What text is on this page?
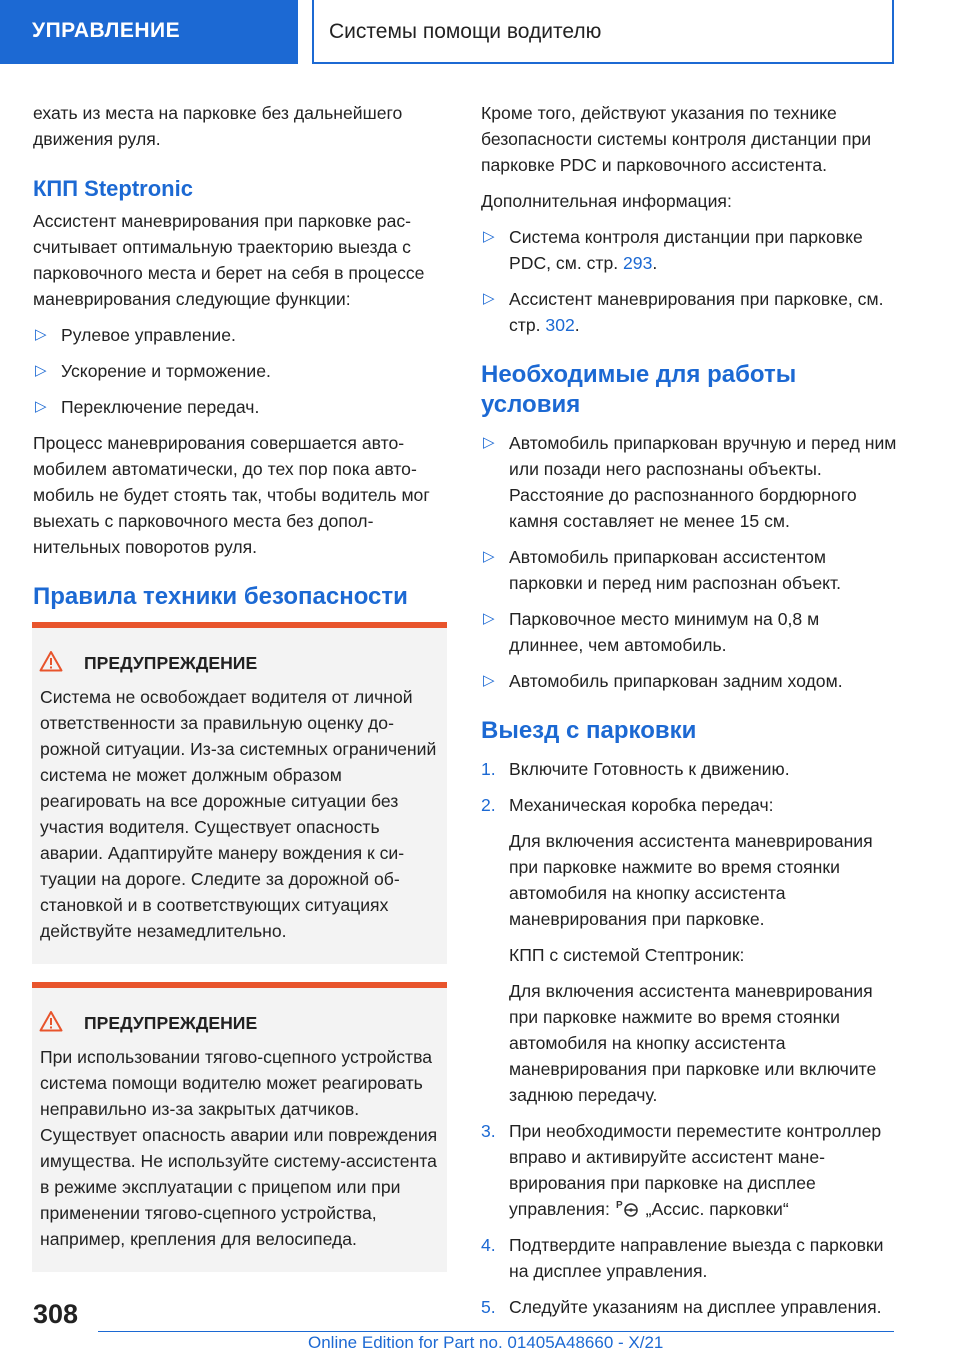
УПРАВЛЕНИЕ	Системы помощи водителю

ехать из места на парковке без дальнейшего движения руля.

КПП Steptronic

Ассистент маневрирования при парковке рассчитывает оптимальную траекторию выезда с парковочного места и берет на себя в процессе маневрирования следующие функции:

▷ Рулевое управление.
▷ Ускорение и торможение.
▷ Переключение передач.

Процесс маневрирования совершается автомобилем автоматически, до тех пор пока автомобиль не будет стоять так, чтобы водитель мог выехать с парковочного места без дополнительных поворотов руля.

Правила техники безопасности
ПРЕДУПРЕЖДЕНИЕ
Система не освобождает водителя от личной ответственности за правильную оценку дорожной ситуации. Из-за системных ограничений система не может должным образом реагировать на все дорожные ситуации без участия водителя. Существует опасность аварии. Адаптируйте манеру вождения к ситуации на дороге. Следите за дорожной обстановкой и в соответствующих ситуациях действуйте незамедлительно.
ПРЕДУПРЕЖДЕНИЕ
При использовании тягово-сцепного устройства система помощи водителю может реагировать неправильно из-за закрытых датчиков. Существует опасность аварии или повреждения имущества. Не используйте систему-ассистента в режиме эксплуатации с прицепом или при применении тягово-сцепного устройства, например, крепления для велосипеда.

Кроме того, действуют указания по технике безопасности системы контроля дистанции при парковке PDC и парковочного ассистента.

Дополнительная информация:

▷ Система контроля дистанции при парковке PDC, см. стр. 293.
▷ Ассистент маневрирования при парковке, см. стр. 302.
Необходимые для работы условия
▷ Автомобиль припаркован вручную и перед ним или позади него распознаны объекты. Расстояние до распознанного бордюрного камня составляет не менее 15 см.
▷ Автомобиль припаркован ассистентом парковки и перед ним распознан объект.
▷ Парковочное место минимум на 0,8 м длиннее, чем автомобиль.
▷ Автомобиль припаркован задним ходом.
Выезд с парковки
1. Включите Готовность к движению.
2. Механическая коробка передач:

Для включения ассистента маневрирования при парковке нажмите во время стоянки автомобиля на кнопку ассистента маневрирования при парковке.

КПП с системой Стептроник:

Для включения ассистента маневрирования при парковке нажмите во время стоянки автомобиля на кнопку ассистента маневрирования при парковке или включите заднюю передачу.

3. При необходимости переместите контроллер вправо и активируйте ассистент маневрирования при парковке на дисплее управления: P „Ассис. парковки“
4. Подтвердите направление выезда с парковки на дисплее управления.
5. Следуйте указаниям на дисплее управления.
308
Online Edition for Part no. 01405A48660 - X/21
